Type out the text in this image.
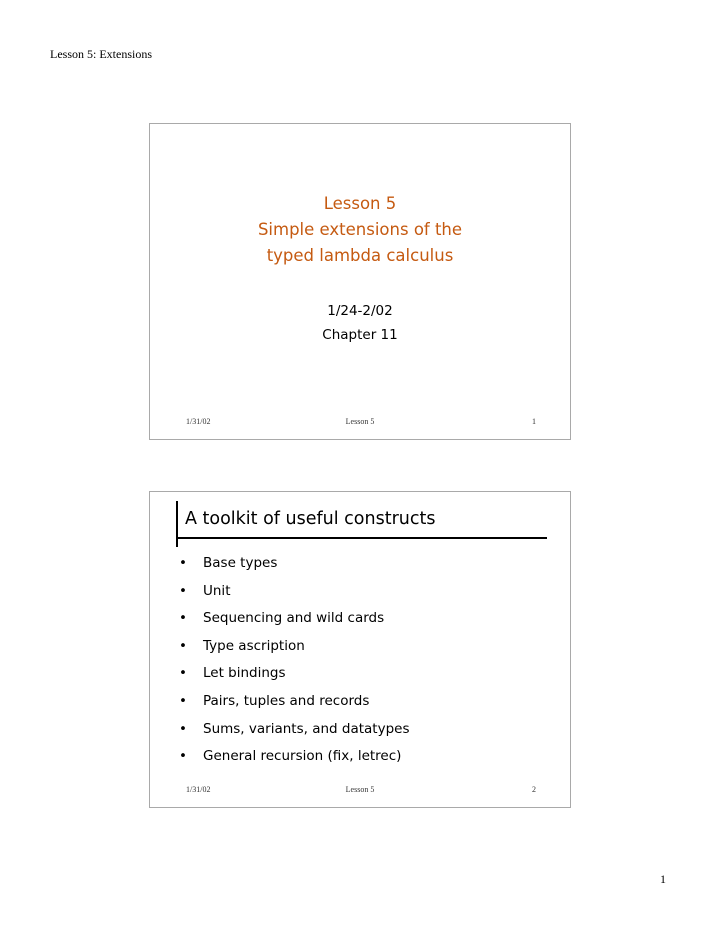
Lesson 5: Extensions
Lesson 5
Simple extensions of the
typed lambda calculus
1/24-2/02
Chapter 11
1/31/02	Lesson 5	1
A toolkit of useful constructs
•	Base types
•	Unit
•	Sequencing and wild cards
•	Type ascription
•	Let bindings
•	Pairs, tuples and records
•	Sums, variants, and datatypes
•	General recursion (fix, letrec)
1/31/02	Lesson 5	2
1
